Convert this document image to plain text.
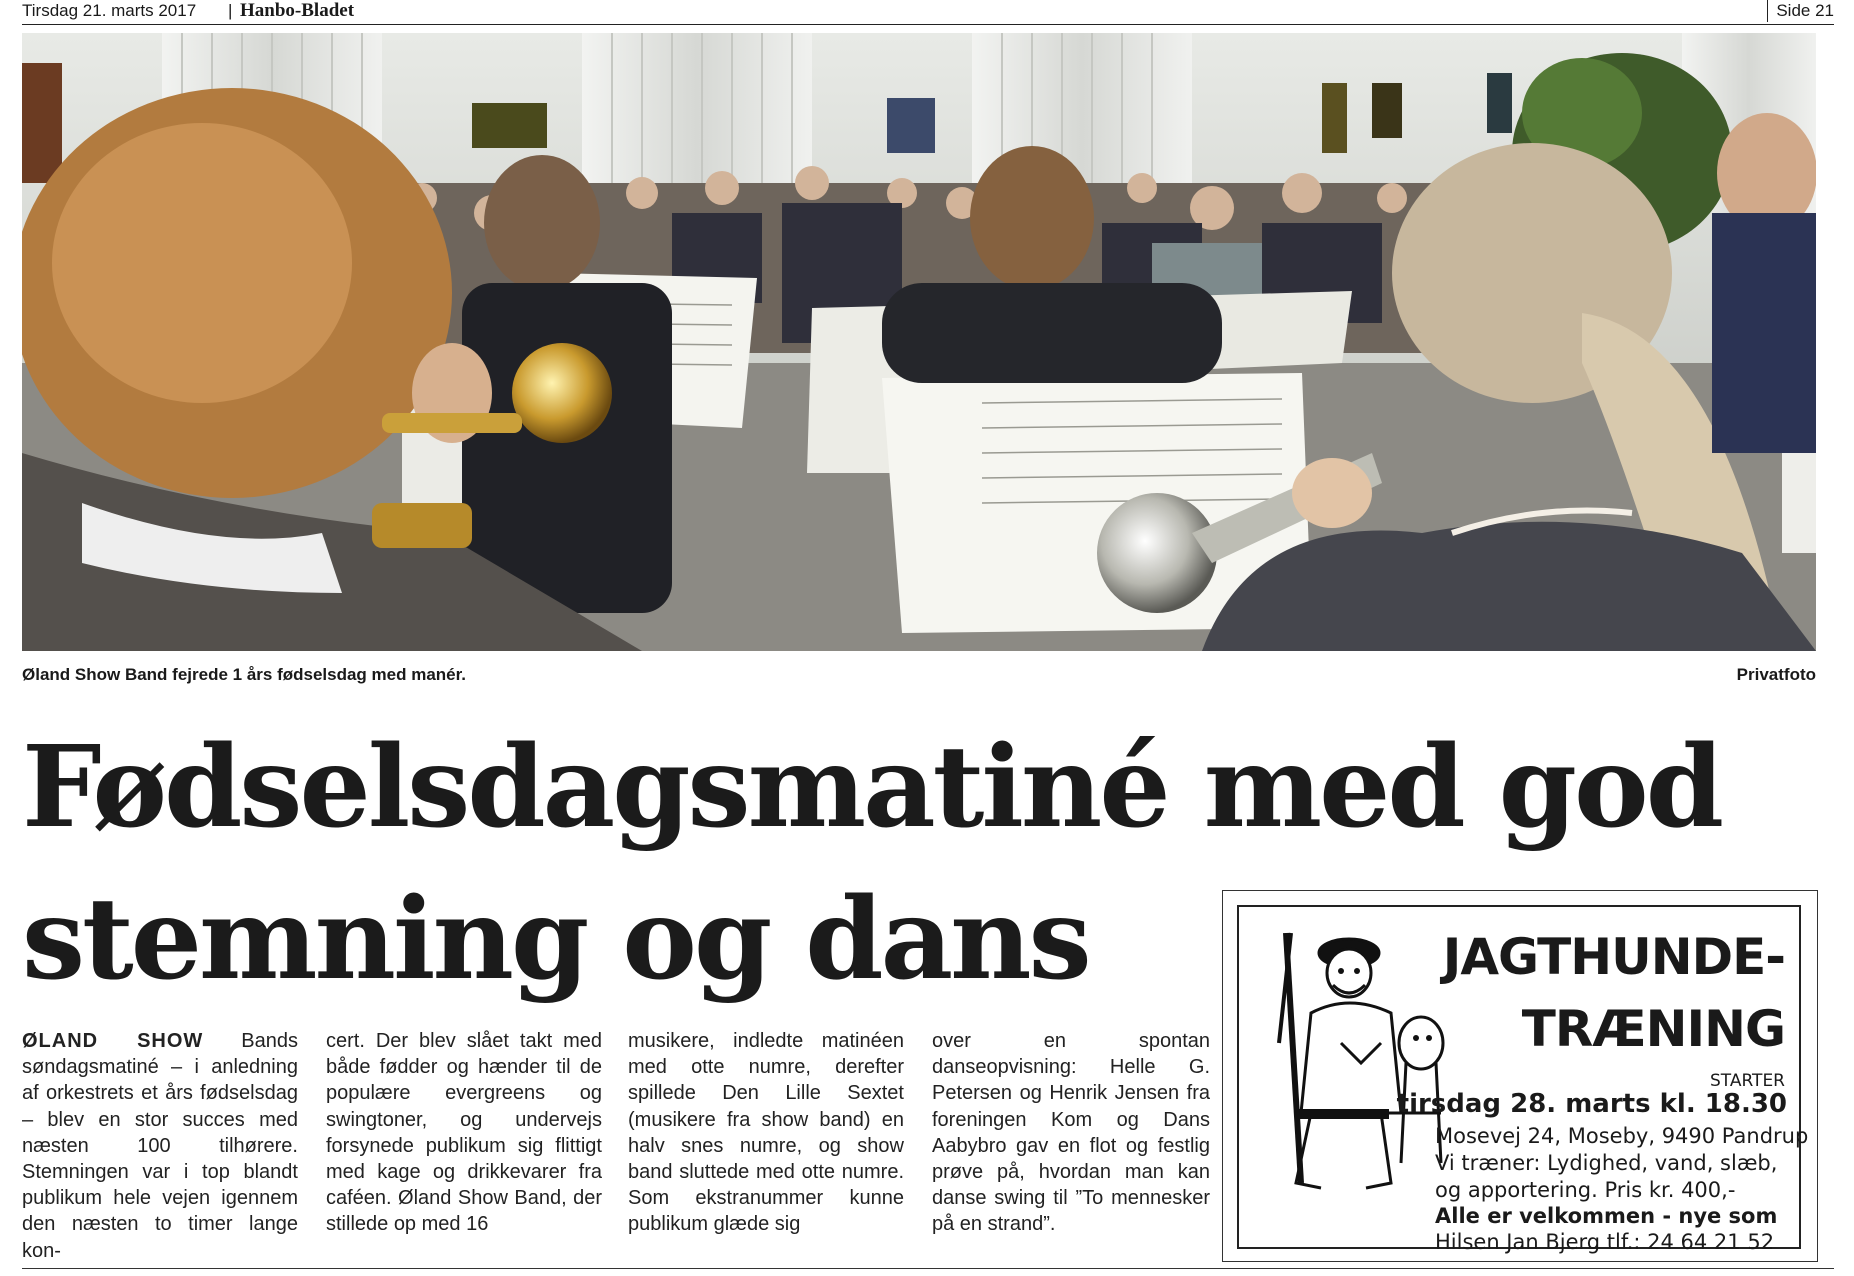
Tirsdag 21. marts 2017 | Hanbo-Bladet	Side 21
Øland Show Band fejrede 1 års fødselsdag med manér.	Privatfoto
Fødselsdagsmatiné med god
stemning og dans

ØLAND SHOW Bands søndagsmatiné – i anledning af orkestrets et års fødselsdag – blev en stor succes med næsten 100 tilhørere. Stemningen var i top blandt publikum hele vejen igennem den næsten to timer lange kon-

cert. Der blev slået takt med både fødder og hænder til de populære evergreens og swingtoner, og undervejs forsynede publikum sig flittigt med kage og drikkevarer fra caféen. Øland Show Band, der stillede op med 16

musikere, indledte matinéen med otte numre, derefter spillede Den Lille Sextet (musikere fra show band) en halv snes numre, og show band sluttede med otte numre. Som ekstranummer kunne publikum glæde sig

over en spontan danseopvisning: Helle G. Petersen og Henrik Jensen fra foreningen Kom og Dans Aabybro gav en flot og festlig prøve på, hvordan man kan danse swing til ”To mennesker på en strand”.

JAGTHUNDE-
TRÆNING
STARTER
tirsdag 28. marts kl. 18.30
Mosevej 24, Moseby, 9490 Pandrup
Vi træner: Lydighed, vand, slæb,
og apportering. Pris kr. 400,-
Alle er velkommen - nye som
Hilsen Jan Bjerg tlf.: 24 64 21 52
